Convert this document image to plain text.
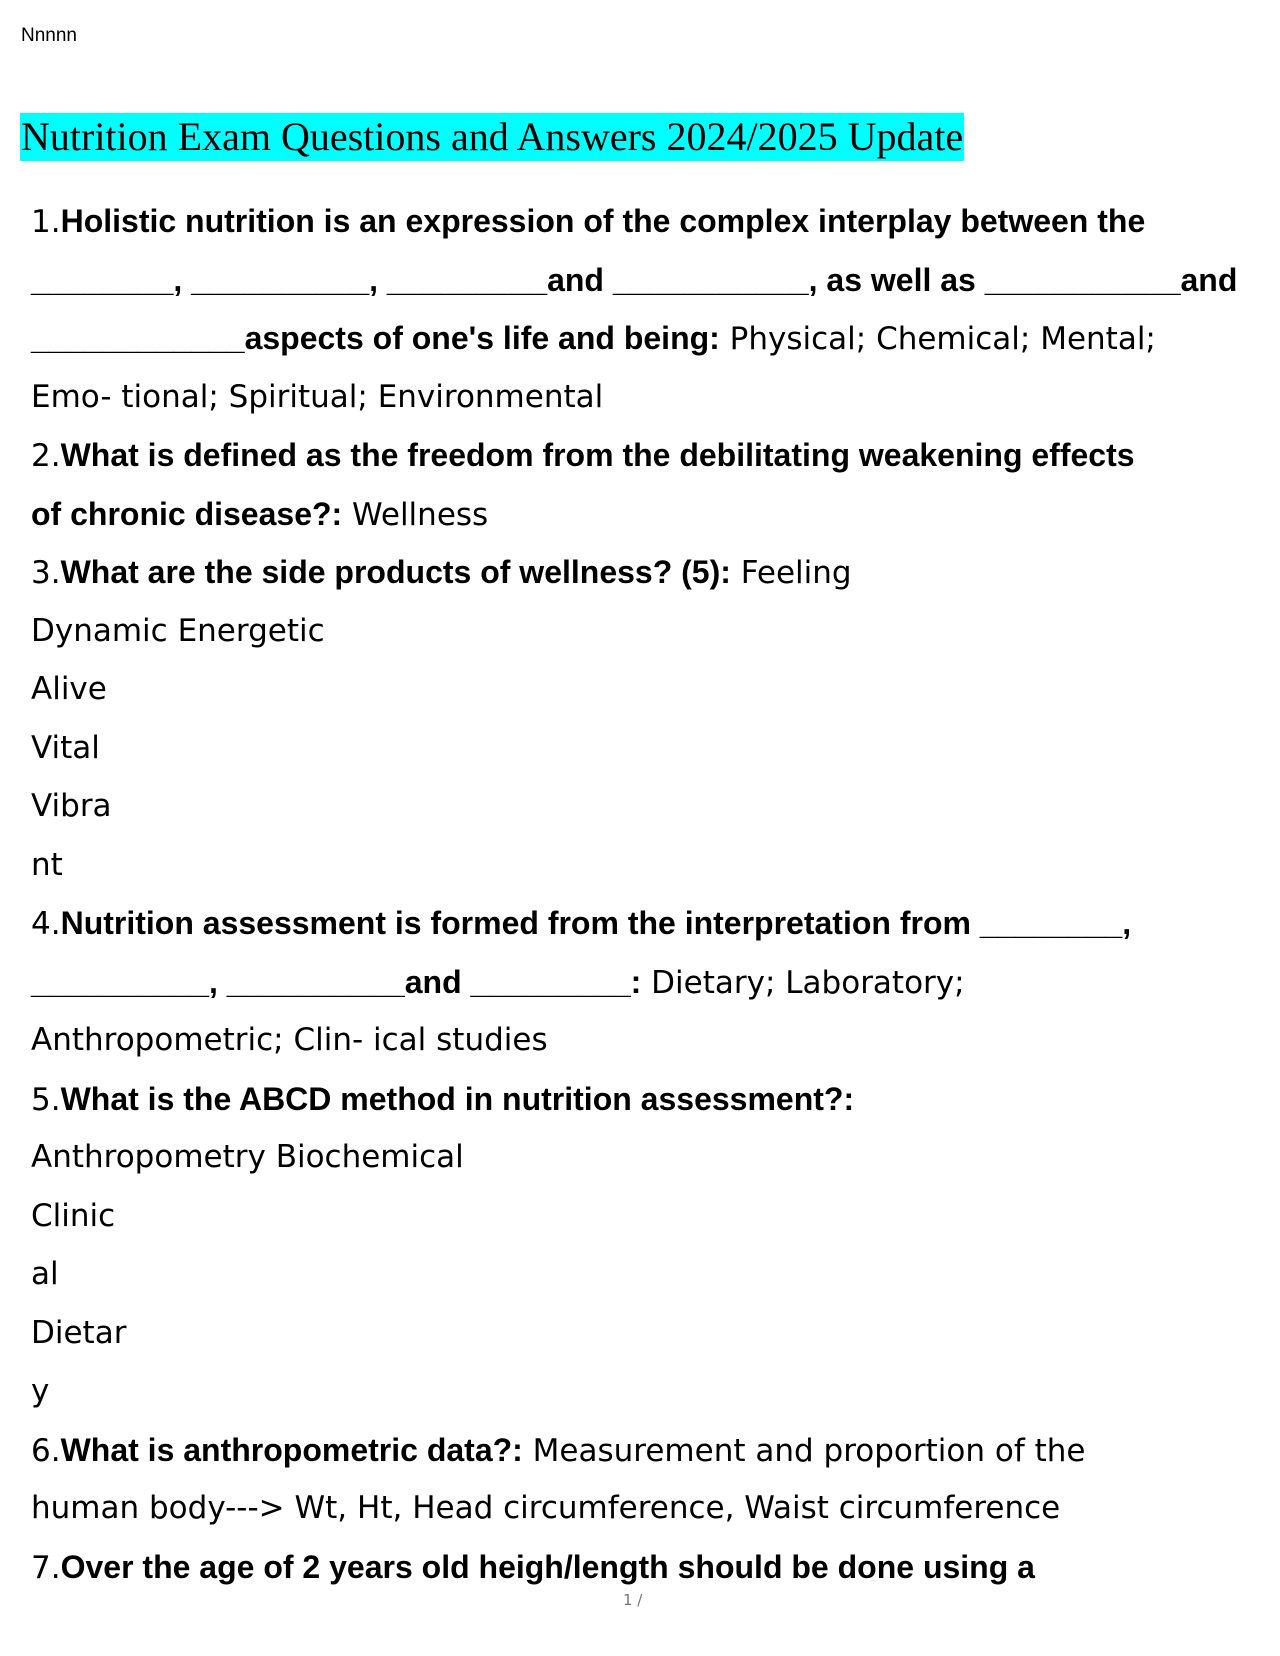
Nnnnn
Nutrition Exam Questions and Answers 2024/2025 Update
1.Holistic nutrition is an expression of the complex interplay between the
________, __________, _________and ___________, as well as ___________and
____________aspects of one's life and being: Physical; Chemical; Mental;
Emo- tional; Spiritual; Environmental
2.What is defined as the freedom from the debilitating weakening effects
of chronic disease?: Wellness
3.What are the side products of wellness? (5): Feeling
Dynamic Energetic
Alive
Vital
Vibra
nt
4.Nutrition assessment is formed from the interpretation from ________,
__________, __________and _________: Dietary; Laboratory;
Anthropometric; Clin- ical studies
5.What is the ABCD method in nutrition assessment?:
Anthropometry Biochemical
Clinic
al
Dietar
y
6.What is anthropometric data?: Measurement and proportion of the
human body---> Wt, Ht, Head circumference, Waist circumference
7.Over the age of 2 years old heigh/length should be done using a
1 /
